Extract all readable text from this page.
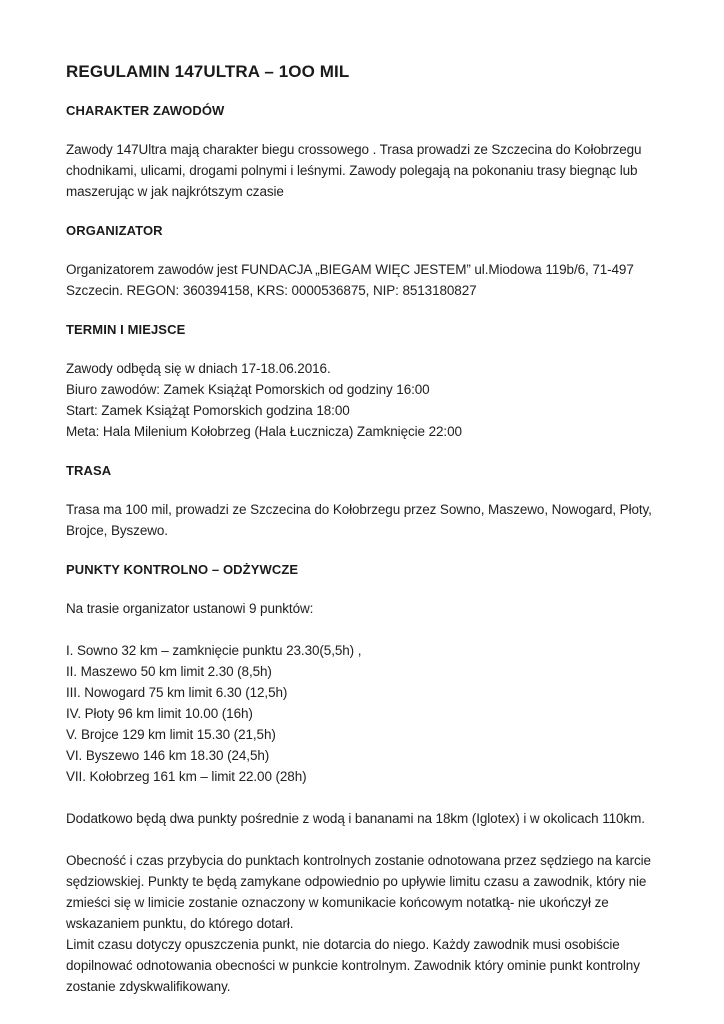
REGULAMIN 147ULTRA – 1OO MIL
CHARAKTER ZAWODÓW

Zawody 147Ultra mają charakter biegu crossowego . Trasa prowadzi ze Szczecina do Kołobrzegu chodnikami, ulicami, drogami polnymi i leśnymi. Zawody polegają na pokonaniu trasy biegnąc lub maszerując w jak najkrótszym czasie

ORGANIZATOR

Organizatorem zawodów jest FUNDACJA „BIEGAM WIĘC JESTEM” ul.Miodowa 119b/6, 71-497 Szczecin. REGON: 360394158, KRS: 0000536875, NIP: 8513180827

TERMIN I MIEJSCE

Zawody odbędą się w dniach 17-18.06.2016.
Biuro zawodów: Zamek Książąt Pomorskich od godziny 16:00
Start: Zamek Książąt Pomorskich godzina 18:00
Meta: Hala Milenium Kołobrzeg (Hala Łucznicza) Zamknięcie 22:00

TRASA

Trasa ma 100 mil, prowadzi ze Szczecina do Kołobrzegu przez Sowno, Maszewo, Nowogard, Płoty, Brojce, Byszewo.

PUNKTY KONTROLNO – ODŻYWCZE

Na trasie organizator ustanowi 9 punktów:

I. Sowno 32 km – zamknięcie punktu 23.30(5,5h) ,
II. Maszewo 50 km limit 2.30 (8,5h)
III. Nowogard 75 km limit 6.30 (12,5h)
IV. Płoty 96 km limit 10.00 (16h)
V. Brojce 129 km limit 15.30 (21,5h)
VI. Byszewo 146 km 18.30 (24,5h)
VII. Kołobrzeg 161 km – limit 22.00 (28h)

Dodatkowo będą dwa punkty pośrednie z wodą i bananami na 18km (Iglotex) i w okolicach 110km.

Obecność i czas przybycia do punktach kontrolnych zostanie odnotowana przez sędziego na karcie sędziowskiej. Punkty te będą zamykane odpowiednio po upływie limitu czasu a zawodnik, który nie zmieści się w limicie zostanie oznaczony w komunikacie końcowym notatką- nie ukończył ze wskazaniem punktu, do którego dotarł.
Limit czasu dotyczy opuszczenia punkt, nie dotarcia do niego. Każdy zawodnik musi osobiście dopilnować odnotowania obecności w punkcie kontrolnym. Zawodnik który ominie punkt kontrolny zostanie zdyskwalifikowany.
